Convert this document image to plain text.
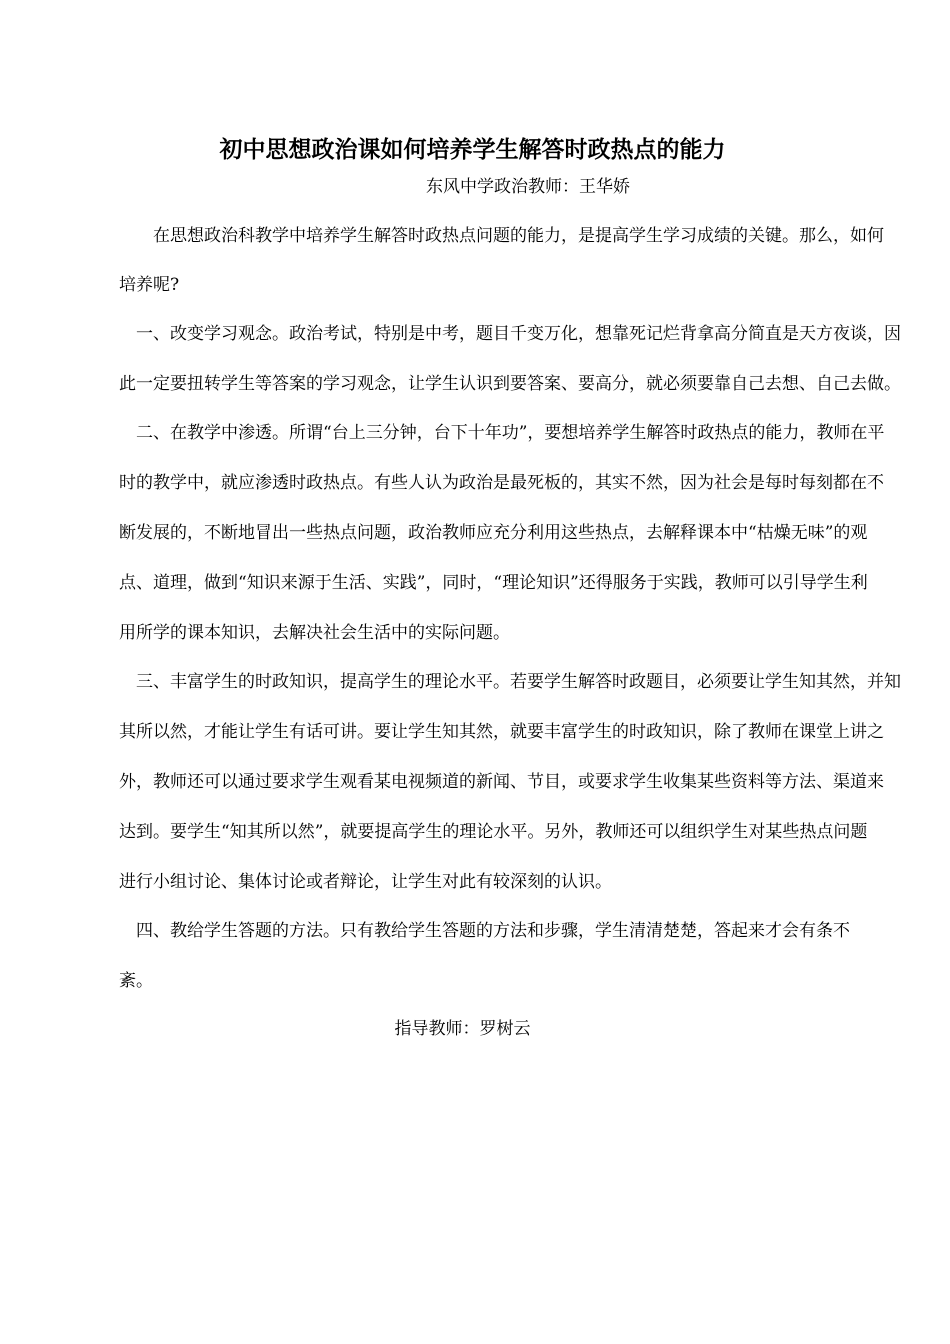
初中思想政治课如何培养学生解答时政热点的能力
东风中学政治教师：王华娇
　　在思想政治科教学中培养学生解答时政热点问题的能力，是提高学生学习成绩的关键。那么，如何
培养呢?
　一、改变学习观念。政治考试，特别是中考，题目千变万化，想靠死记烂背拿高分简直是天方夜谈，因
此一定要扭转学生等答案的学习观念，让学生认识到要答案、要高分，就必须要靠自己去想、自己去做。
　二、在教学中渗透。所谓“台上三分钟，台下十年功”，要想培养学生解答时政热点的能力，教师在平
时的教学中，就应渗透时政热点。有些人认为政治是最死板的，其实不然，因为社会是每时每刻都在不
断发展的，不断地冒出一些热点问题，政治教师应充分利用这些热点，去解释课本中“枯燥无味”的观
点、道理，做到“知识来源于生活、实践”，同时，“理论知识”还得服务于实践，教师可以引导学生利
用所学的课本知识，去解决社会生活中的实际问题。
　三、丰富学生的时政知识，提高学生的理论水平。若要学生解答时政题目，必须要让学生知其然，并知
其所以然，才能让学生有话可讲。要让学生知其然，就要丰富学生的时政知识，除了教师在课堂上讲之
外，教师还可以通过要求学生观看某电视频道的新闻、节目，或要求学生收集某些资料等方法、渠道来
达到。要学生“知其所以然”，就要提高学生的理论水平。另外，教师还可以组织学生对某些热点问题
进行小组讨论、集体讨论或者辩论，让学生对此有较深刻的认识。
　四、教给学生答题的方法。只有教给学生答题的方法和步骤，学生清清楚楚，答起来才会有条不
紊。
指导教师：罗树云
